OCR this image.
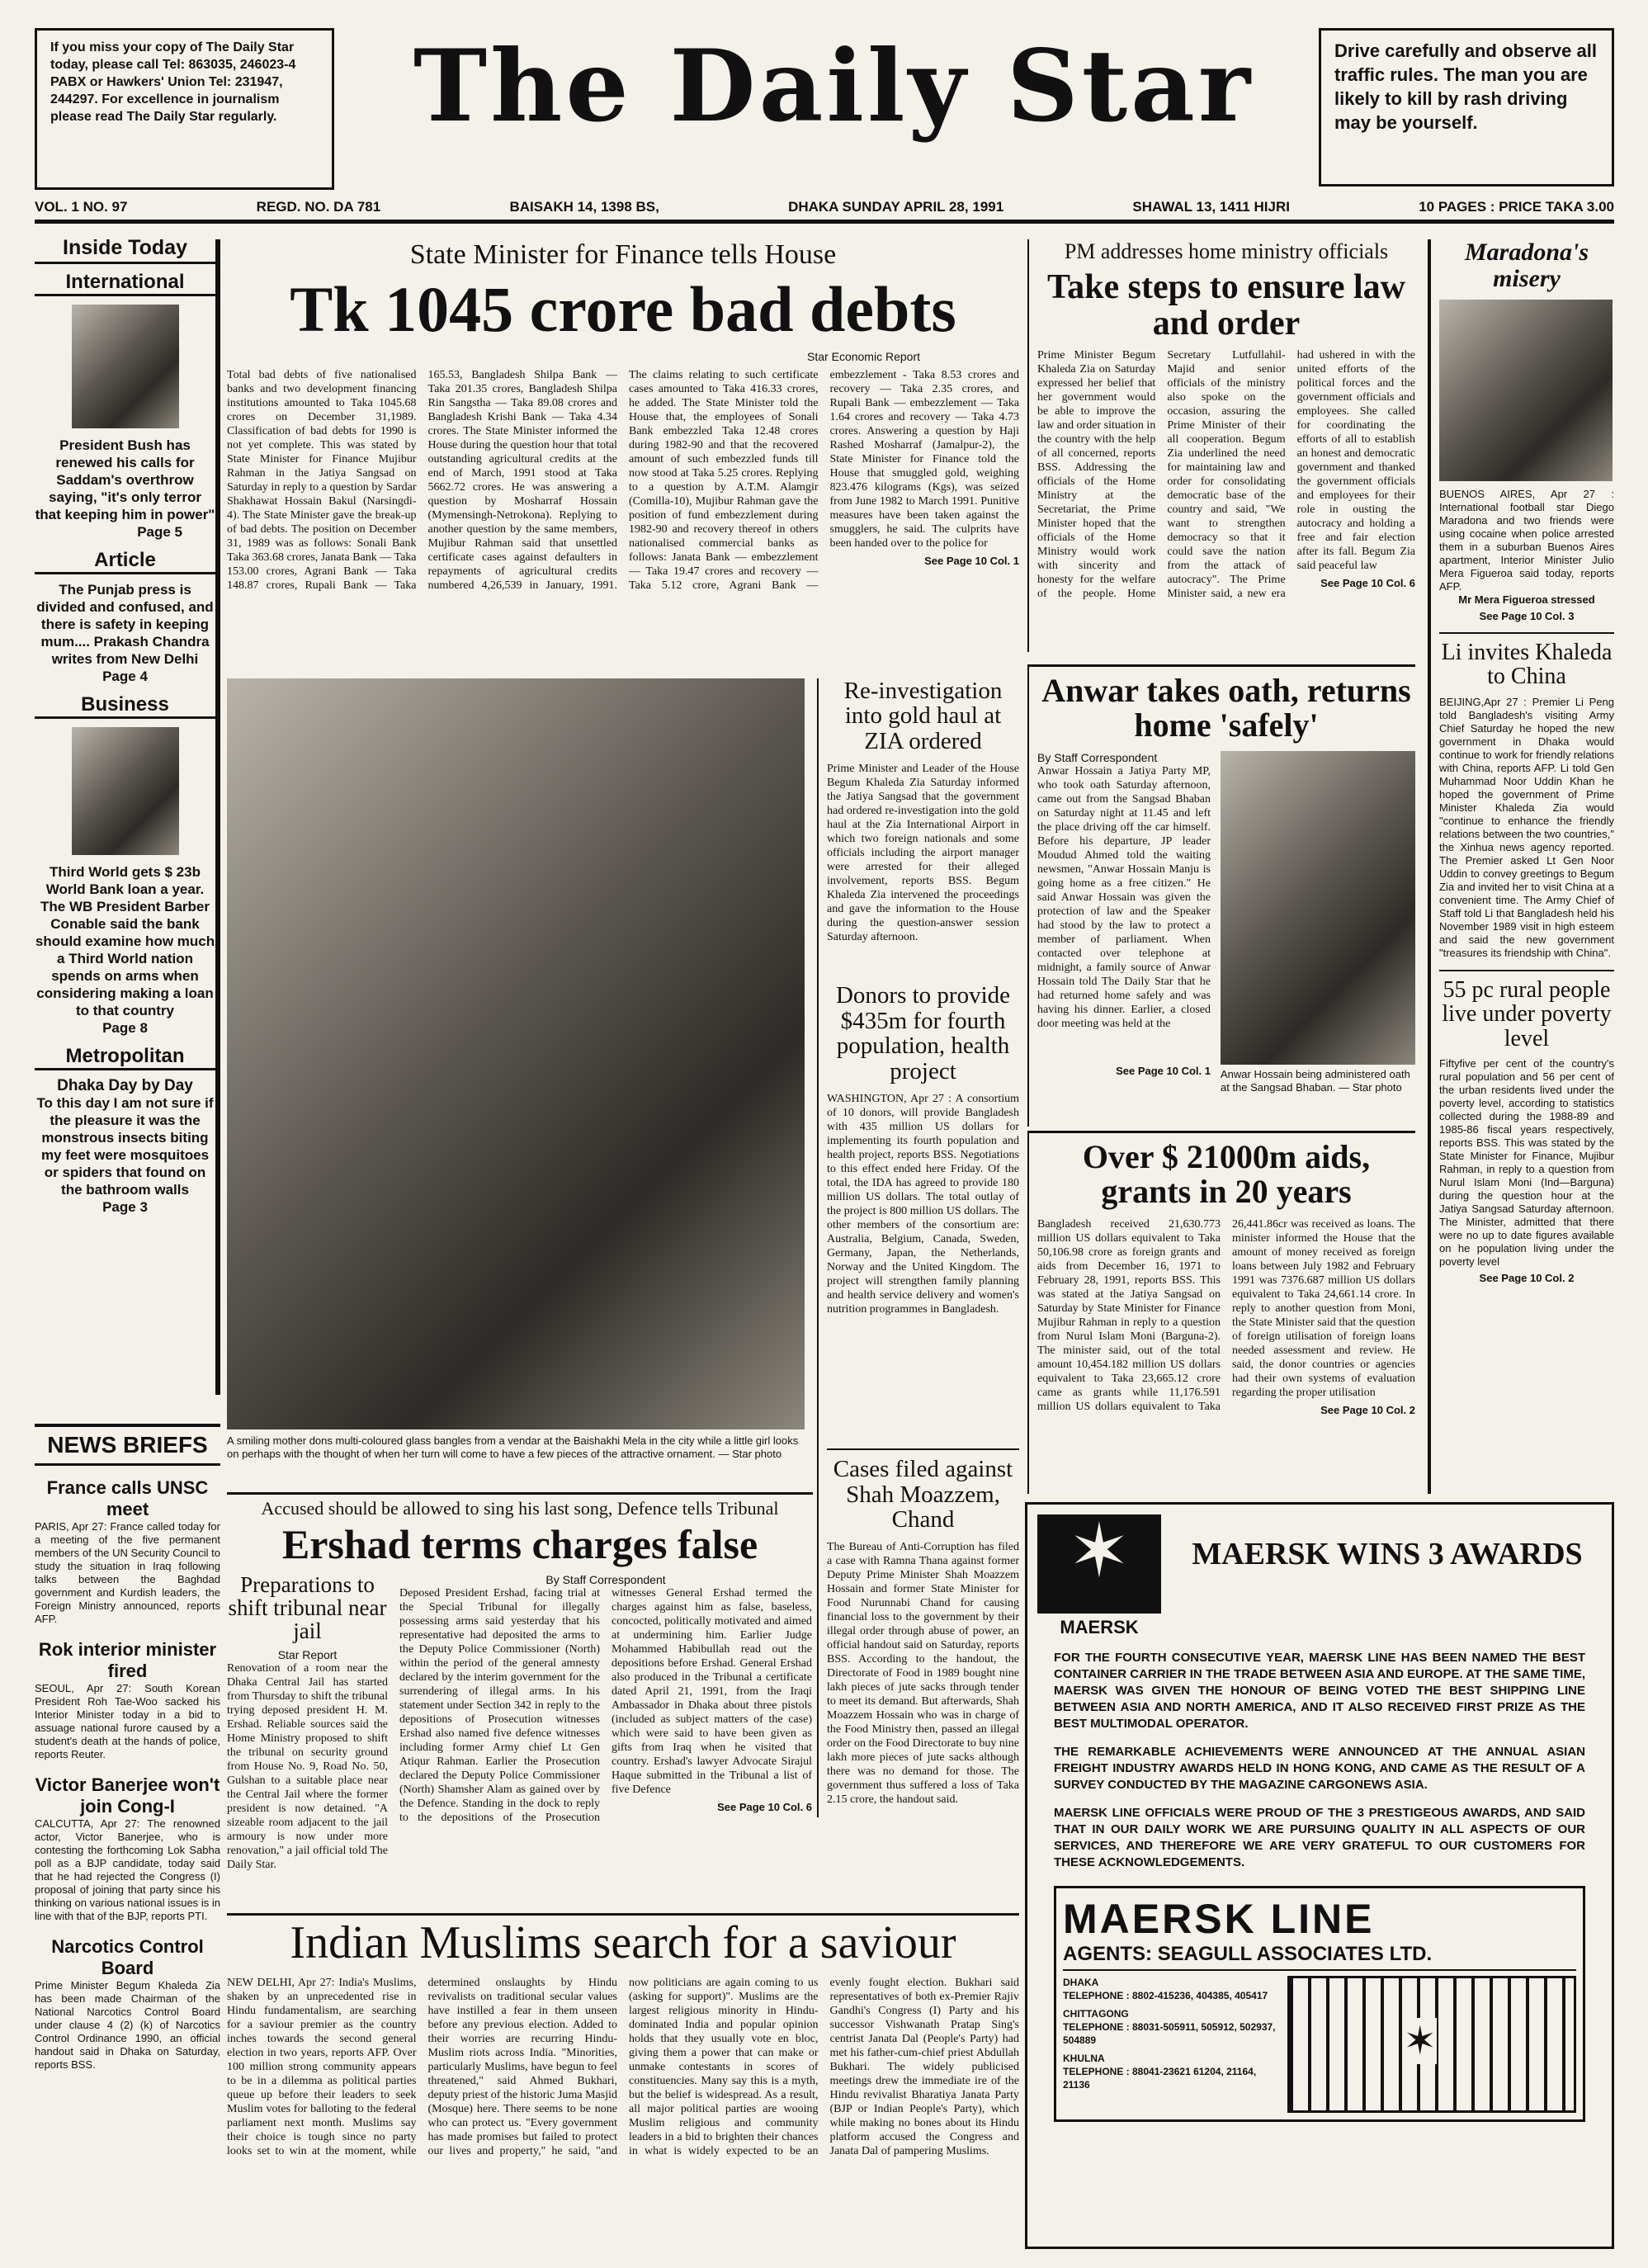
If you miss your copy of The Daily Star today, please call Tel: 863035, 246023-4 PABX or Hawkers' Union Tel: 231947, 244297. For excellence in journalism please read The Daily Star regularly.	The Daily Star	Drive carefully and observe all traffic rules. The man you are likely to kill by rash driving may be yourself.
VOL. 1 NO. 97	REGD. NO. DA 781	BAISAKH 14, 1398 BS,	DHAKA SUNDAY APRIL 28, 1991	SHAWAL 13, 1411 HIJRI	10 PAGES : PRICE TAKA 3.00
Inside Today
International
President Bush has renewed his calls for Saddam's overthrow saying, "it's only terror that keeping him in power"
Page 5
Article
The Punjab press is divided and confused, and there is safety in keeping mum.... Prakash Chandra writes from New Delhi
Page 4
Business
Third World gets $ 23b World Bank loan a year. The WB President Barber Conable said the bank should examine how much a Third World nation spends on arms when considering making a loan to that country
Page 8
Metropolitan
Dhaka Day by Day
To this day I am not sure if the pleasure it was the monstrous insects biting my feet were mosquitoes or spiders that found on the bathroom walls
Page 3
NEWS BRIEFS
France calls UNSC meet
PARIS, Apr 27: France called today for a meeting of the five permanent members of the UN Security Council to study the situation in Iraq following talks between the Baghdad government and Kurdish leaders, the Foreign Ministry announced, reports AFP.
Rok interior minister fired
SEOUL, Apr 27: South Korean President Roh Tae-Woo sacked his Interior Minister today in a bid to assuage national furore caused by a student's death at the hands of police, reports Reuter.
Victor Banerjee won't join Cong-I
CALCUTTA, Apr 27: The renowned actor, Victor Banerjee, who is contesting the forthcoming Lok Sabha poll as a BJP candidate, today said that he had rejected the Congress (I) proposal of joining that party since his thinking on various national issues is in line with that of the BJP, reports PTI.
Narcotics Control Board
Prime Minister Begum Khaleda Zia has been made Chairman of the National Narcotics Control Board under clause 4 (2) (k) of Narcotics Control Ordinance 1990, an official handout said in Dhaka on Saturday, reports BSS.
State Minister for Finance tells House
Tk 1045 crore bad debts
Star Economic Report
Total bad debts of five nationalised banks and two development financing institutions amounted to Taka 1045.68 crores on December 31,1989. Classification of bad debts for 1990 is not yet complete. This was stated by State Minister for Finance Mujibur Rahman in the Jatiya Sangsad on Saturday in reply to a question by Sardar Shakhawat Hossain Bakul (Narsingdi-4). The State Minister gave the break-up of bad debts. The position on December 31, 1989 was as follows: Sonali Bank Taka 363.68 crores, Janata Bank — Taka 153.00 crores, Agrani Bank — Taka 148.87 crores, Rupali Bank — Taka 165.53, Bangladesh Shilpa Bank — Taka 201.35 crores, Bangladesh Shilpa Rin Sangstha — Taka 89.08 crores and Bangladesh Krishi Bank — Taka 4.34 crores. The State Minister informed the House during the question hour that total outstanding agricultural credits at the end of March, 1991 stood at Taka 5662.72 crores. He was answering a question by Mosharraf Hossain (Mymensingh-Netrokona). Replying to another question by the same members, Mujibur Rahman said that unsettled certificate cases against defaulters in repayments of agricultural credits numbered 4,26,539 in January, 1991. The claims relating to such certificate cases amounted to Taka 416.33 crores, he added. The State Minister told the House that, the employees of Sonali Bank embezzled Taka 12.48 crores during 1982-90 and that the recovered amount of such embezzled funds till now stood at Taka 5.25 crores. Replying to a question by A.T.M. Alamgir (Comilla-10), Mujibur Rahman gave the position of fund embezzlement during 1982-90 and recovery thereof in others nationalised commercial banks as follows: Janata Bank — embezzlement — Taka 19.47 crores and recovery —Taka 5.12 crore, Agrani Bank — embezzlement - Taka 8.53 crores and recovery — Taka 2.35 crores, and Rupali Bank — embezzlement — Taka 1.64 crores and recovery — Taka 4.73 crores. Answering a question by Haji Rashed Mosharraf (Jamalpur-2), the State Minister for Finance told the House that smuggled gold, weighing 823.476 kilograms (Kgs), was seized from June 1982 to March 1991. Punitive measures have been taken against the smugglers, he said. The culprits have been handed over to the police for
See Page 10 Col. 1
A smiling mother dons multi-coloured glass bangles from a vendar at the Baishakhi Mela in the city while a little girl looks on perhaps with the thought of when her turn will come to have a few pieces of the attractive ornament. — Star photo
Re-investigation into gold haul at ZIA ordered
Prime Minister and Leader of the House Begum Khaleda Zia Saturday informed the Jatiya Sangsad that the government had ordered re-investigation into the gold haul at the Zia International Airport in which two foreign nationals and some officials including the airport manager were arrested for their alleged involvement, reports BSS. Begum Khaleda Zia intervened the proceedings and gave the information to the House during the question-answer session Saturday afternoon.
Donors to provide $435m for fourth population, health project
WASHINGTON, Apr 27 : A consortium of 10 donors, will provide Bangladesh with 435 million US dollars for implementing its fourth population and health project, reports BSS. Negotiations to this effect ended here Friday. Of the total, the IDA has agreed to provide 180 million US dollars. The total outlay of the project is 800 million US dollars. The other members of the consortium are: Australia, Belgium, Canada, Sweden, Germany, Japan, the Netherlands, Norway and the United Kingdom. The project will strengthen family planning and health service delivery and women's nutrition programmes in Bangladesh.
Cases filed against Shah Moazzem, Chand
The Bureau of Anti-Corruption has filed a case with Ramna Thana against former Deputy Prime Minister Shah Moazzem Hossain and former State Minister for Food Nurunnabi Chand for causing financial loss to the government by their illegal order through abuse of power, an official handout said on Saturday, reports BSS. According to the handout, the Directorate of Food in 1989 bought nine lakh pieces of jute sacks through tender to meet its demand. But afterwards, Shah Moazzem Hossain who was in charge of the Food Ministry then, passed an illegal order on the Food Directorate to buy nine lakh more pieces of jute sacks although there was no demand for those. The government thus suffered a loss of Taka 2.15 crore, the handout said.
PM addresses home ministry officials
Take steps to ensure law and order
Prime Minister Begum Khaleda Zia on Saturday expressed her belief that her government would be able to improve the law and order situation in the country with the help of all concerned, reports BSS. Addressing the officials of the Home Ministry at the Secretariat, the Prime Minister hoped that the officials of the Home Ministry would work with sincerity and honesty for the welfare of the people. Home Secretary Lutfullahil-Majid and senior officials of the ministry also spoke on the occasion, assuring the Prime Minister of their all cooperation. Begum Zia underlined the need for maintaining law and order for consolidating democratic base of the country and said, "We want to strengthen democracy so that it could save the nation from the attack of autocracy". The Prime Minister said, a new era had ushered in with the united efforts of the political forces and the government officials and employees. She called for coordinating the efforts of all to establish an honest and democratic government and thanked the government officials and employees for their role in ousting the autocracy and holding a free and fair election after its fall. Begum Zia said peaceful law
See Page 10 Col. 6
Anwar takes oath, returns home 'safely'
By Staff Correspondent
Anwar Hossain a Jatiya Party MP, who took oath Saturday afternoon, came out from the Sangsad Bhaban on Saturday night at 11.45 and left the place driving off the car himself. Before his departure, JP leader Moudud Ahmed told the waiting newsmen, "Anwar Hossain Manju is going home as a free citizen." He said Anwar Hossain was given the protection of law and the Speaker had stood by the law to protect a member of parliament. When contacted over telephone at midnight, a family source of Anwar Hossain told The Daily Star that he had returned home safely and was having his dinner. Earlier, a closed door meeting was held at the
See Page 10 Col. 1 Anwar Hossain being administered oath at the Sangsad Bhaban. — Star photo
Over $ 21000m aids, grants in 20 years
Bangladesh received 21,630.773 million US dollars equivalent to Taka 50,106.98 crore as foreign grants and aids from December 16, 1971 to February 28, 1991, reports BSS. This was stated at the Jatiya Sangsad on Saturday by State Minister for Finance Mujibur Rahman in reply to a question from Nurul Islam Moni (Barguna-2). The minister said, out of the total amount 10,454.182 million US dollars equivalent to Taka 23,665.12 crore came as grants while 11,176.591 million US dollars equivalent to Taka 26,441.86cr was received as loans. The minister informed the House that the amount of money received as foreign loans between July 1982 and February 1991 was 7376.687 million US dollars equivalent to Taka 24,661.14 crore. In reply to another question from Moni, the State Minister said that the question of foreign utilisation of foreign loans needed assessment and review. He said, the donor countries or agencies had their own systems of evaluation regarding the proper utilisation
See Page 10 Col. 2
Maradona's misery
BUENOS AIRES, Apr 27 : International football star Diego Maradona and two friends were using cocaine when police arrested them in a suburban Buenos Aires apartment, Interior Minister Julio Mera Figueroa said today, reports AFP.
Mr Mera Figueroa stressed
See Page 10 Col. 3
Li invites Khaleda to China
BEIJING,Apr 27 : Premier Li Peng told Bangladesh's visiting Army Chief Saturday he hoped the new government in Dhaka would continue to work for friendly relations with China, reports AFP. Li told Gen Muhammad Noor Uddin Khan he hoped the government of Prime Minister Khaleda Zia would "continue to enhance the friendly relations between the two countries," the Xinhua news agency reported. The Premier asked Lt Gen Noor Uddin to convey greetings to Begum Zia and invited her to visit China at a convenient time. The Army Chief of Staff told Li that Bangladesh held his November 1989 visit in high esteem and said the new government "treasures its friendship with China".
55 pc rural people live under poverty level
Fiftyfive per cent of the country's rural population and 56 per cent of the urban residents lived under the poverty level, according to statistics collected during the 1988-89 and 1985-86 fiscal years respectively, reports BSS. This was stated by the State Minister for Finance, Mujibur Rahman, in reply to a question from Nurul Islam Moni (Ind—Barguna) during the question hour at the Jatiya Sangsad Saturday afternoon. The Minister, admitted that there were no up to date figures available on he population living under the poverty level
See Page 10 Col. 2
Accused should be allowed to sing his last song, Defence tells Tribunal
Ershad terms charges false
Preparations to shift tribunal near jail
Star Report
Renovation of a room near the Dhaka Central Jail has started from Thursday to shift the tribunal trying deposed president H. M. Ershad. Reliable sources said the Home Ministry proposed to shift the tribunal on security ground from House No. 9, Road No. 50, Gulshan to a suitable place near the Central Jail where the former president is now detained. "A sizeable room adjacent to the jail armoury is now under more renovation," a jail official told The Daily Star.
By Staff Correspondent
Deposed President Ershad, facing trial at the Special Tribunal for illegally possessing arms said yesterday that his representative had deposited the arms to the Deputy Police Commissioner (North) within the period of the general amnesty declared by the interim government for the surrendering of illegal arms. In his statement under Section 342 in reply to the depositions of Prosecution witnesses Ershad also named five defence witnesses including former Army chief Lt Gen Atiqur Rahman. Earlier the Prosecution declared the Deputy Police Commissioner (North) Shamsher Alam as gained over by the Defence. Standing in the dock to reply to the depositions of the Prosecution witnesses General Ershad termed the charges against him as false, baseless, concocted, politically motivated and aimed at undermining him. Earlier Judge Mohammed Habibullah read out the depositions before Ershad. General Ershad also produced in the Tribunal a certificate dated April 21, 1991, from the Iraqi Ambassador in Dhaka about three pistols (included as subject matters of the case) which were said to have been given as gifts from Iraq when he visited that country. Ershad's lawyer Advocate Sirajul Haque submitted in the Tribunal a list of five Defence
See Page 10 Col. 6
Indian Muslims search for a saviour
NEW DELHI, Apr 27: India's Muslims, shaken by an unprecedented rise in Hindu fundamentalism, are searching for a saviour premier as the country inches towards the second general election in two years, reports AFP. Over 100 million strong community appears to be in a dilemma as political parties queue up before their leaders to seek Muslim votes for balloting to the federal parliament next month. Muslims say their choice is tough since no party looks set to win at the moment, while determined onslaughts by Hindu revivalists on traditional secular values have instilled a fear in them unseen before any previous election. Added to their worries are recurring Hindu-Muslim riots across India. "Minorities, particularly Muslims, have begun to feel threatened," said Ahmed Bukhari, deputy priest of the historic Juma Masjid (Mosque) here. There seems to be none who can protect us. "Every government has made promises but failed to protect our lives and property," he said, "and now politicians are again coming to us (asking for support)". Muslims are the largest religious minority in Hindu-dominated India and popular opinion holds that they usually vote en bloc, giving them a power that can make or unmake contestants in scores of constituencies. Many say this is a myth, but the belief is widespread. As a result, all major political parties are wooing Muslim religious and community leaders in a bid to brighten their chances in what is widely expected to be an evenly fought election. Bukhari said representatives of both ex-Premier Rajiv Gandhi's Congress (I) Party and his successor Vishwanath Pratap Sing's centrist Janata Dal (People's Party) had met his father-cum-chief priest Abdullah Bukhari. The widely publicised meetings drew the immediate ire of the Hindu revivalist Bharatiya Janata Party (BJP or Indian People's Party), which while making no bones about its Hindu platform accused the Congress and Janata Dal of pampering Muslims.
✶
MAERSK
MAERSK WINS 3 AWARDS
FOR THE FOURTH CONSECUTIVE YEAR, MAERSK LINE HAS BEEN NAMED THE BEST CONTAINER CARRIER IN THE TRADE BETWEEN ASIA AND EUROPE. AT THE SAME TIME, MAERSK WAS GIVEN THE HONOUR OF BEING VOTED THE BEST SHIPPING LINE BETWEEN ASIA AND NORTH AMERICA, AND IT ALSO RECEIVED FIRST PRIZE AS THE BEST MULTIMODAL OPERATOR.
THE REMARKABLE ACHIEVEMENTS WERE ANNOUNCED AT THE ANNUAL ASIAN FREIGHT INDUSTRY AWARDS HELD IN HONG KONG, AND CAME AS THE RESULT OF A SURVEY CONDUCTED BY THE MAGAZINE CARGONEWS ASIA.
MAERSK LINE OFFICIALS WERE PROUD OF THE 3 PRESTIGEOUS AWARDS, AND SAID THAT IN OUR DAILY WORK WE ARE PURSUING QUALITY IN ALL ASPECTS OF OUR SERVICES, AND THEREFORE WE ARE VERY GRATEFUL TO OUR CUSTOMERS FOR THESE ACKNOWLEDGEMENTS.
MAERSK LINE
AGENTS: SEAGULL ASSOCIATES LTD.
DHAKA
TELEPHONE : 8802-415236, 404385, 405417
CHITTAGONG
TELEPHONE : 88031-505911, 505912, 502937, 504889
KHULNA
TELEPHONE : 88041-23621 61204, 21164, 21136
✶
